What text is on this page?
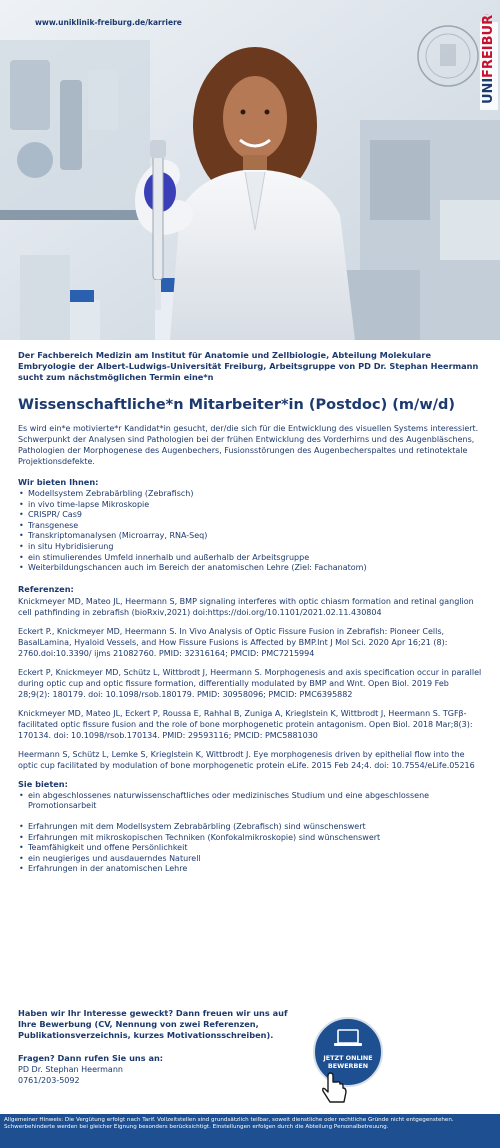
www.uniklinik-freiburg.de/karriere
UNI
FREIBURG

Der Fachbereich Medizin am Institut für Anatomie und Zellbiologie, Abteilung Molekulare Embryologie der Albert-Ludwigs-Universität Freiburg, Arbeitsgruppe von PD Dr. Stephan Heermann sucht zum nächstmöglichen Termin eine*n

Wissenschaftliche*n Mitarbeiter*in (Postdoc) (m/w/d)

Es wird ein*e motivierte*r Kandidat*in gesucht, der/die sich für die Entwicklung des visuellen Systems interessiert. Schwerpunkt der Analysen sind Pathologien bei der frühen Entwicklung des Vorderhirns und des Augenbläschens, Pathologien der Morphogenese des Augenbechers, Fusionsstörungen des Augenbecherspaltes und retinotektale Projektionsdefekte.

Wir bieten Ihnen:
• Modellsystem Zebrabärbling (Zebrafisch)
• in vivo time-lapse Mikroskopie
• CRISPR/ Cas9
• Transgenese
• Transkriptomanalysen (Microarray, RNA-Seq)
• in situ Hybridisierung
• ein stimulierendes Umfeld innerhalb und außerhalb der Arbeitsgruppe
• Weiterbildungschancen auch im Bereich der anatomischen Lehre (Ziel: Fachanatom)
Referenzen:

Knickmeyer MD, Mateo JL, Heermann S, BMP signaling interferes with optic chiasm formation and retinal ganglion cell pathfinding in zebrafish (bioRxiv,2021) doi:https://doi.org/10.1101/2021.02.11.430804

Eckert P., Knickmeyer MD, Heermann S. In Vivo Analysis of Optic Fissure Fusion in Zebrafish: Pioneer Cells, BasalLamina, Hyaloid Vessels, and How Fissure Fusions is Affected by BMP.Int J Mol Sci. 2020 Apr 16;21 (8): 2760.doi:10.3390/ ijms 21082760. PMID: 32316164; PMCID: PMC7215994

Eckert P, Knickmeyer MD, Schütz L, Wittbrodt J, Heermann S. Morphogenesis and axis specification occur in parallel during optic cup and optic fissure formation, differentially modulated by BMP and Wnt. Open Biol. 2019 Feb 28;9(2): 180179. doi: 10.1098/rsob.180179. PMID: 30958096; PMCID: PMC6395882

Knickmeyer MD, Mateo JL, Eckert P, Roussa E, Rahhal B, Zuniga A, Krieglstein K, Wittbrodt J, Heermann S. TGFβ-facilitated optic fissure fusion and the role of bone morphogenetic protein antagonism. Open Biol. 2018 Mar;8(3): 170134. doi: 10.1098/rsob.170134. PMID: 29593116; PMCID: PMC5881030

Heermann S, Schütz L, Lemke S, Krieglstein K, Wittbrodt J. Eye morphogenesis driven by epithelial flow into the optic cup facilitated by modulation of bone morphogenetic protein eLife. 2015 Feb 24;4. doi: 10.7554/eLife.05216

Sie bieten:
• ein abgeschlossenes naturwissenschaftliches oder medizinisches Studium und eine abgeschlossene Promotionsarbeit
• Erfahrungen mit dem Modellsystem Zebrabärbling (Zebrafisch) sind wünschenswert
• Erfahrungen mit mikroskopischen Techniken (Konfokalmikroskopie) sind wünschenswert
• Teamfähigkeit und offene Persönlichkeit
• ein neugieriges und ausdauerndes Naturell
• Erfahrungen in der anatomischen Lehre

Haben wir Ihr Interesse geweckt? Dann freuen wir uns auf Ihre Bewerbung (CV, Nennung von zwei Referenzen, Publikationsverzeichnis, kurzes Motivationsschreiben).

Fragen? Dann rufen Sie uns an:

PD Dr. Stephan Heermann

0761/203-5092

JETZT ONLINE
BEWERBEN
Allgemeiner Hinweis: Die Vergütung erfolgt nach Tarif. Vollzeitstellen sind grundsätzlich teilbar, soweit dienstliche oder rechtliche Gründe nicht entgegenstehen. Schwerbehinderte werden bei gleicher Eignung besonders berücksichtigt. Einstellungen erfolgen durch die Abteilung Personalbetreuung.
